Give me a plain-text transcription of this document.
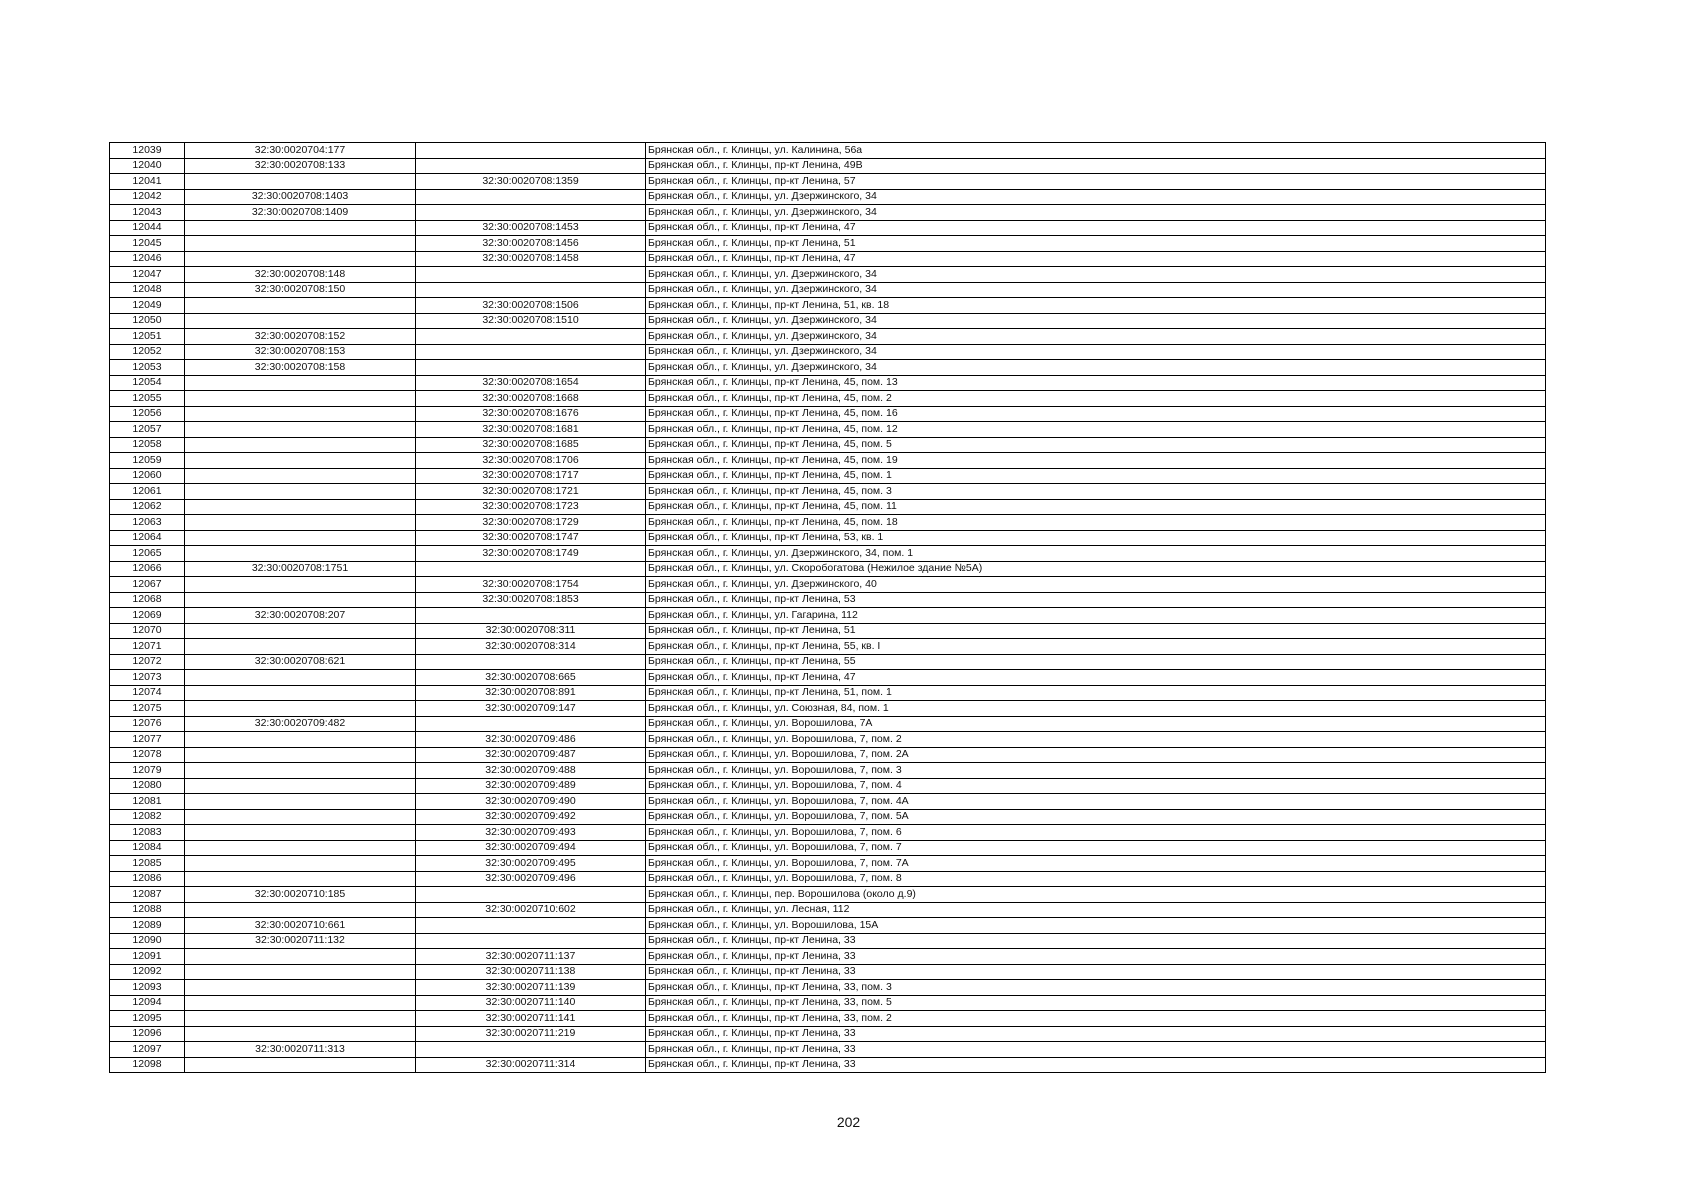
12039	32:30:0020704:177		Брянская обл., г. Клинцы, ул. Калинина, 56а
12040	32:30:0020708:133		Брянская обл., г. Клинцы, пр-кт Ленина, 49В
12041		32:30:0020708:1359	Брянская обл., г. Клинцы, пр-кт Ленина, 57
12042	32:30:0020708:1403		Брянская обл., г. Клинцы, ул. Дзержинского, 34
12043	32:30:0020708:1409		Брянская обл., г. Клинцы, ул. Дзержинского, 34
12044		32:30:0020708:1453	Брянская обл., г. Клинцы, пр-кт Ленина, 47
12045		32:30:0020708:1456	Брянская обл., г. Клинцы, пр-кт Ленина, 51
12046		32:30:0020708:1458	Брянская обл., г. Клинцы, пр-кт Ленина, 47
12047	32:30:0020708:148		Брянская обл., г. Клинцы, ул. Дзержинского, 34
12048	32:30:0020708:150		Брянская обл., г. Клинцы, ул. Дзержинского, 34
12049		32:30:0020708:1506	Брянская обл., г. Клинцы, пр-кт Ленина, 51, кв. 18
12050		32:30:0020708:1510	Брянская обл., г. Клинцы, ул. Дзержинского, 34
12051	32:30:0020708:152		Брянская обл., г. Клинцы, ул. Дзержинского, 34
12052	32:30:0020708:153		Брянская обл., г. Клинцы, ул. Дзержинского, 34
12053	32:30:0020708:158		Брянская обл., г. Клинцы, ул. Дзержинского, 34
12054		32:30:0020708:1654	Брянская обл., г. Клинцы, пр-кт Ленина, 45, пом. 13
12055		32:30:0020708:1668	Брянская обл., г. Клинцы, пр-кт Ленина, 45, пом. 2
12056		32:30:0020708:1676	Брянская обл., г. Клинцы, пр-кт Ленина, 45, пом. 16
12057		32:30:0020708:1681	Брянская обл., г. Клинцы, пр-кт Ленина, 45, пом. 12
12058		32:30:0020708:1685	Брянская обл., г. Клинцы, пр-кт Ленина, 45, пом. 5
12059		32:30:0020708:1706	Брянская обл., г. Клинцы, пр-кт Ленина, 45, пом. 19
12060		32:30:0020708:1717	Брянская обл., г. Клинцы, пр-кт Ленина, 45, пом. 1
12061		32:30:0020708:1721	Брянская обл., г. Клинцы, пр-кт Ленина, 45, пом. 3
12062		32:30:0020708:1723	Брянская обл., г. Клинцы, пр-кт Ленина, 45, пом. 11
12063		32:30:0020708:1729	Брянская обл., г. Клинцы, пр-кт Ленина, 45, пом. 18
12064		32:30:0020708:1747	Брянская обл., г. Клинцы, пр-кт Ленина, 53, кв. 1
12065		32:30:0020708:1749	Брянская обл., г. Клинцы, ул. Дзержинского, 34, пом. 1
12066	32:30:0020708:1751		Брянская обл., г. Клинцы, ул. Скоробогатова (Нежилое здание №5А)
12067		32:30:0020708:1754	Брянская обл., г. Клинцы, ул. Дзержинского, 40
12068		32:30:0020708:1853	Брянская обл., г. Клинцы, пр-кт Ленина, 53
12069	32:30:0020708:207		Брянская обл., г. Клинцы, ул. Гагарина, 112
12070		32:30:0020708:311	Брянская обл., г. Клинцы, пр-кт Ленина, 51
12071		32:30:0020708:314	Брянская обл., г. Клинцы, пр-кт Ленина, 55, кв. I
12072	32:30:0020708:621		Брянская обл., г. Клинцы, пр-кт Ленина, 55
12073		32:30:0020708:665	Брянская обл., г. Клинцы, пр-кт Ленина, 47
12074		32:30:0020708:891	Брянская обл., г. Клинцы, пр-кт Ленина, 51, пом. 1
12075		32:30:0020709:147	Брянская обл., г. Клинцы, ул. Союзная, 84, пом. 1
12076	32:30:0020709:482		Брянская обл., г. Клинцы, ул. Ворошилова, 7А
12077		32:30:0020709:486	Брянская обл., г. Клинцы, ул. Ворошилова, 7, пом. 2
12078		32:30:0020709:487	Брянская обл., г. Клинцы, ул. Ворошилова, 7, пом. 2А
12079		32:30:0020709:488	Брянская обл., г. Клинцы, ул. Ворошилова, 7, пом. 3
12080		32:30:0020709:489	Брянская обл., г. Клинцы, ул. Ворошилова, 7, пом. 4
12081		32:30:0020709:490	Брянская обл., г. Клинцы, ул. Ворошилова, 7, пом. 4А
12082		32:30:0020709:492	Брянская обл., г. Клинцы, ул. Ворошилова, 7, пом. 5А
12083		32:30:0020709:493	Брянская обл., г. Клинцы, ул. Ворошилова, 7, пом. 6
12084		32:30:0020709:494	Брянская обл., г. Клинцы, ул. Ворошилова, 7, пом. 7
12085		32:30:0020709:495	Брянская обл., г. Клинцы, ул. Ворошилова, 7, пом. 7А
12086		32:30:0020709:496	Брянская обл., г. Клинцы, ул. Ворошилова, 7, пом. 8
12087	32:30:0020710:185		Брянская обл., г. Клинцы, пер. Ворошилова (около д.9)
12088		32:30:0020710:602	Брянская обл., г. Клинцы, ул. Лесная, 112
12089	32:30:0020710:661		Брянская обл., г. Клинцы, ул. Ворошилова, 15А
12090	32:30:0020711:132		Брянская обл., г. Клинцы, пр-кт Ленина, 33
12091		32:30:0020711:137	Брянская обл., г. Клинцы, пр-кт Ленина, 33
12092		32:30:0020711:138	Брянская обл., г. Клинцы, пр-кт Ленина, 33
12093		32:30:0020711:139	Брянская обл., г. Клинцы, пр-кт Ленина, 33, пом. 3
12094		32:30:0020711:140	Брянская обл., г. Клинцы, пр-кт Ленина, 33, пом. 5
12095		32:30:0020711:141	Брянская обл., г. Клинцы, пр-кт Ленина, 33, пом. 2
12096		32:30:0020711:219	Брянская обл., г. Клинцы, пр-кт Ленина, 33
12097	32:30:0020711:313		Брянская обл., г. Клинцы, пр-кт Ленина, 33
12098		32:30:0020711:314	Брянская обл., г. Клинцы, пр-кт Ленина, 33
202
